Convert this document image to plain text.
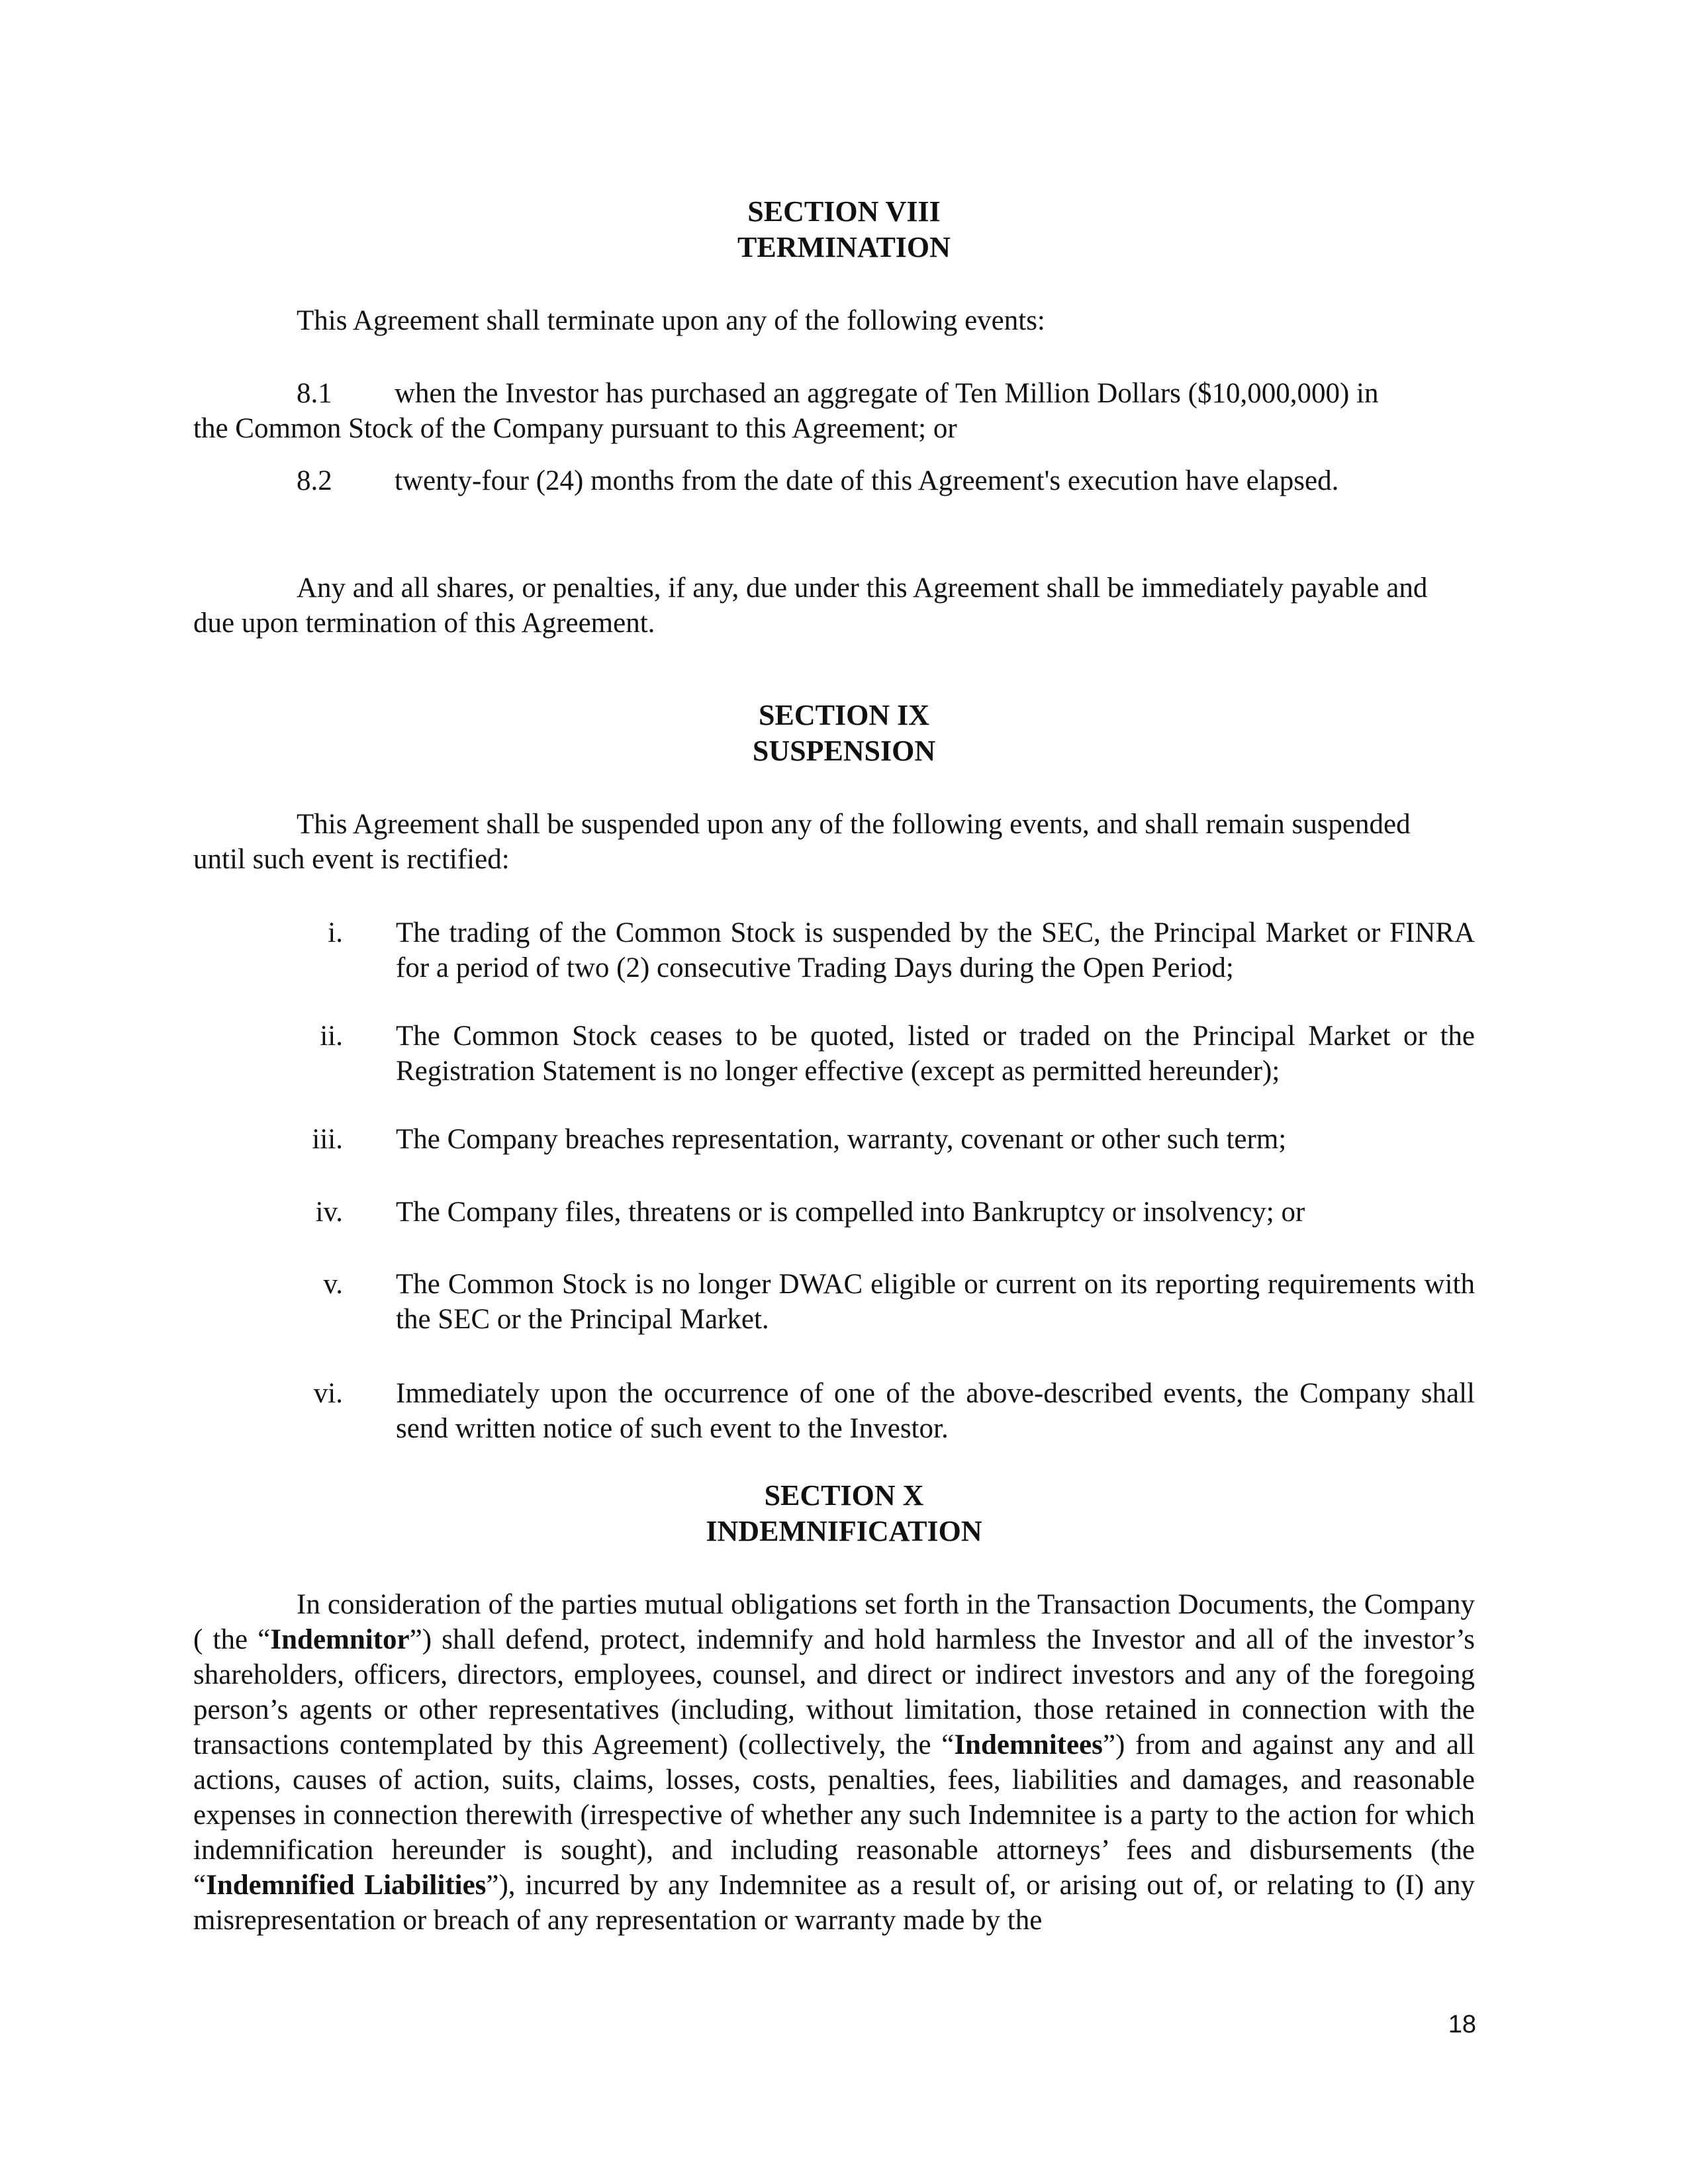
SECTION VIII
TERMINATION
This Agreement shall terminate upon any of the following events:
8.1 when the Investor has purchased an aggregate of Ten Million Dollars ($10,000,000) in
the Common Stock of the Company pursuant to this Agreement; or
8.2 twenty-four (24) months from the date of this Agreement's execution have elapsed.
Any and all shares, or penalties, if any, due under this Agreement shall be immediately payable and
due upon termination of this Agreement.
SECTION IX
SUSPENSION
This Agreement shall be suspended upon any of the following events, and shall remain suspended
until such event is rectified:
i. The trading of the Common Stock is suspended by the SEC, the Principal Market or FINRA for a period of two (2) consecutive Trading Days during the Open Period;
ii. The Common Stock ceases to be quoted, listed or traded on the Principal Market or the Registration Statement is no longer effective (except as permitted hereunder);
iii. The Company breaches representation, warranty, covenant or other such term;
iv. The Company files, threatens or is compelled into Bankruptcy or insolvency; or
v. The Common Stock is no longer DWAC eligible or current on its reporting requirements with the SEC or the Principal Market.
vi. Immediately upon the occurrence of one of the above-described events, the Company shall send written notice of such event to the Investor.
SECTION X
INDEMNIFICATION
In consideration of the parties mutual obligations set forth in the Transaction Documents, the Company ( the “Indemnitor”) shall defend, protect, indemnify and hold harmless the Investor and all of the investor’s shareholders, officers, directors, employees, counsel, and direct or indirect investors and any of the foregoing person’s agents or other representatives (including, without limitation, those retained in connection with the transactions contemplated by this Agreement) (collectively, the “Indemnitees”) from and against any and all actions, causes of action, suits, claims, losses, costs, penalties, fees, liabilities and damages, and reasonable expenses in connection therewith (irrespective of whether any such Indemnitee is a party to the action for which indemnification hereunder is sought), and including reasonable attorneys’ fees and disbursements (the “Indemnified Liabilities”), incurred by any Indemnitee as a result of, or arising out of, or relating to (I) any misrepresentation or breach of any representation or warranty made by the
18
